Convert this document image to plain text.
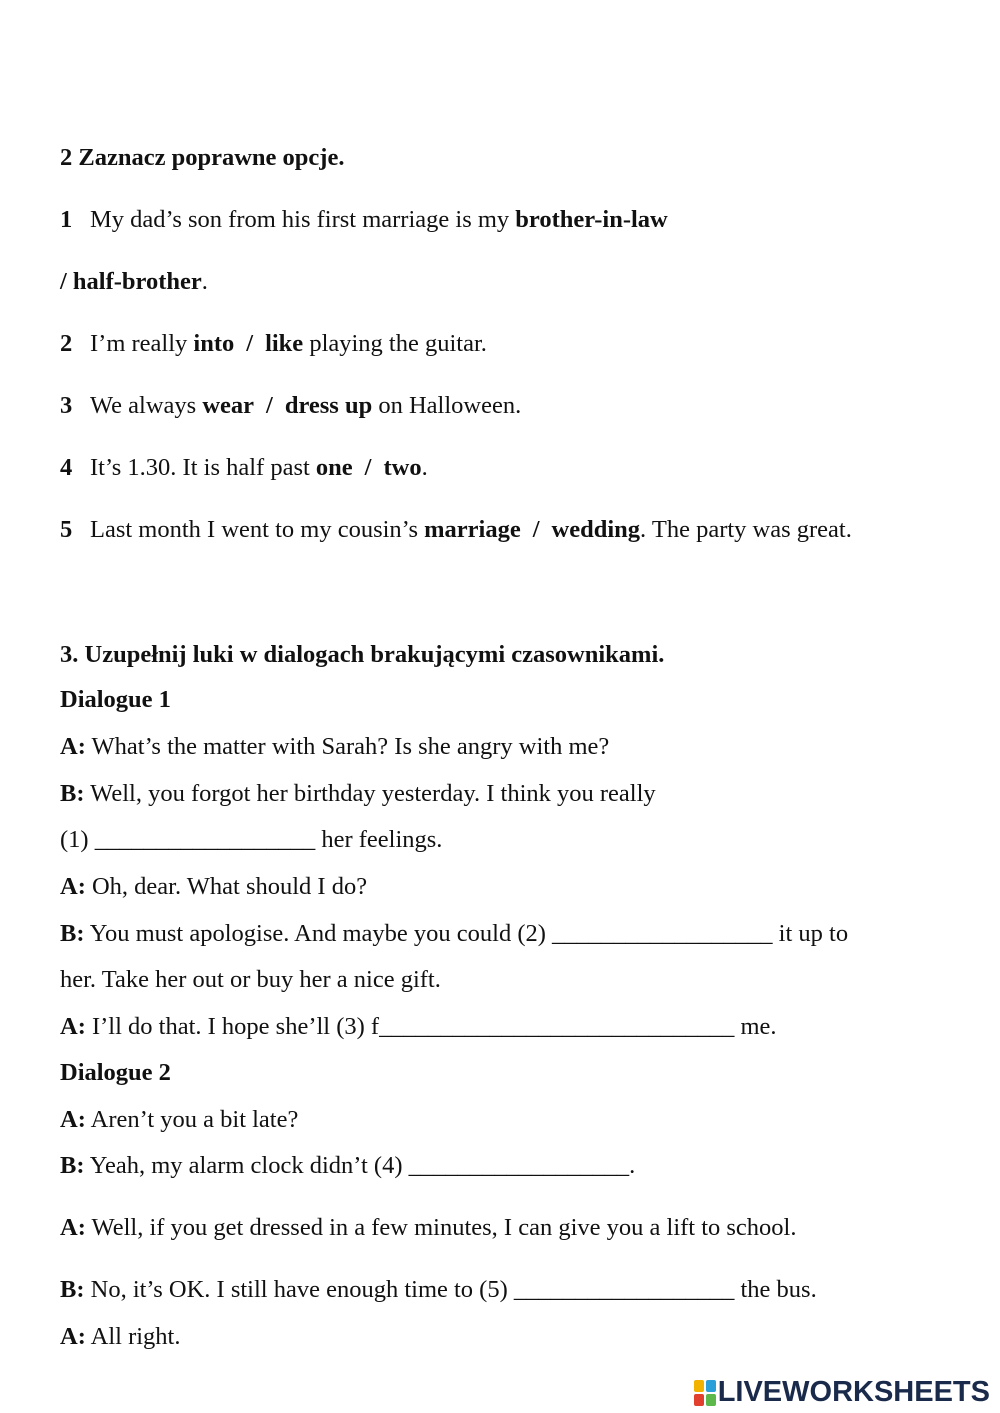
2 Zaznacz poprawne opcje.
1 My dad’s son from his first marriage is my brother-in-law
/ half-brother.
2 I’m really into / like playing the guitar.
3 We always wear / dress up on Halloween.
4 It’s 1.30. It is half past one / two.
5 Last month I went to my cousin’s marriage / wedding. The party was great.
3. Uzupełnij luki w dialogach brakującymi czasownikami.
Dialogue 1
A: What’s the matter with Sarah? Is she angry with me?
B: Well, you forgot her birthday yesterday. I think you really
(1) __________________ her feelings.
A: Oh, dear. What should I do?
B: You must apologise. And maybe you could (2) __________________ it up to
her. Take her out or buy her a nice gift.
A: I’ll do that. I hope she’ll (3) f_____________________________ me.
Dialogue 2
A: Aren’t you a bit late?
B: Yeah, my alarm clock didn’t (4) __________________.
A: Well, if you get dressed in a few minutes, I can give you a lift to school.
B: No, it’s OK. I still have enough time to (5) __________________ the bus.
A: All right.
LIVEWORKSHEETS
